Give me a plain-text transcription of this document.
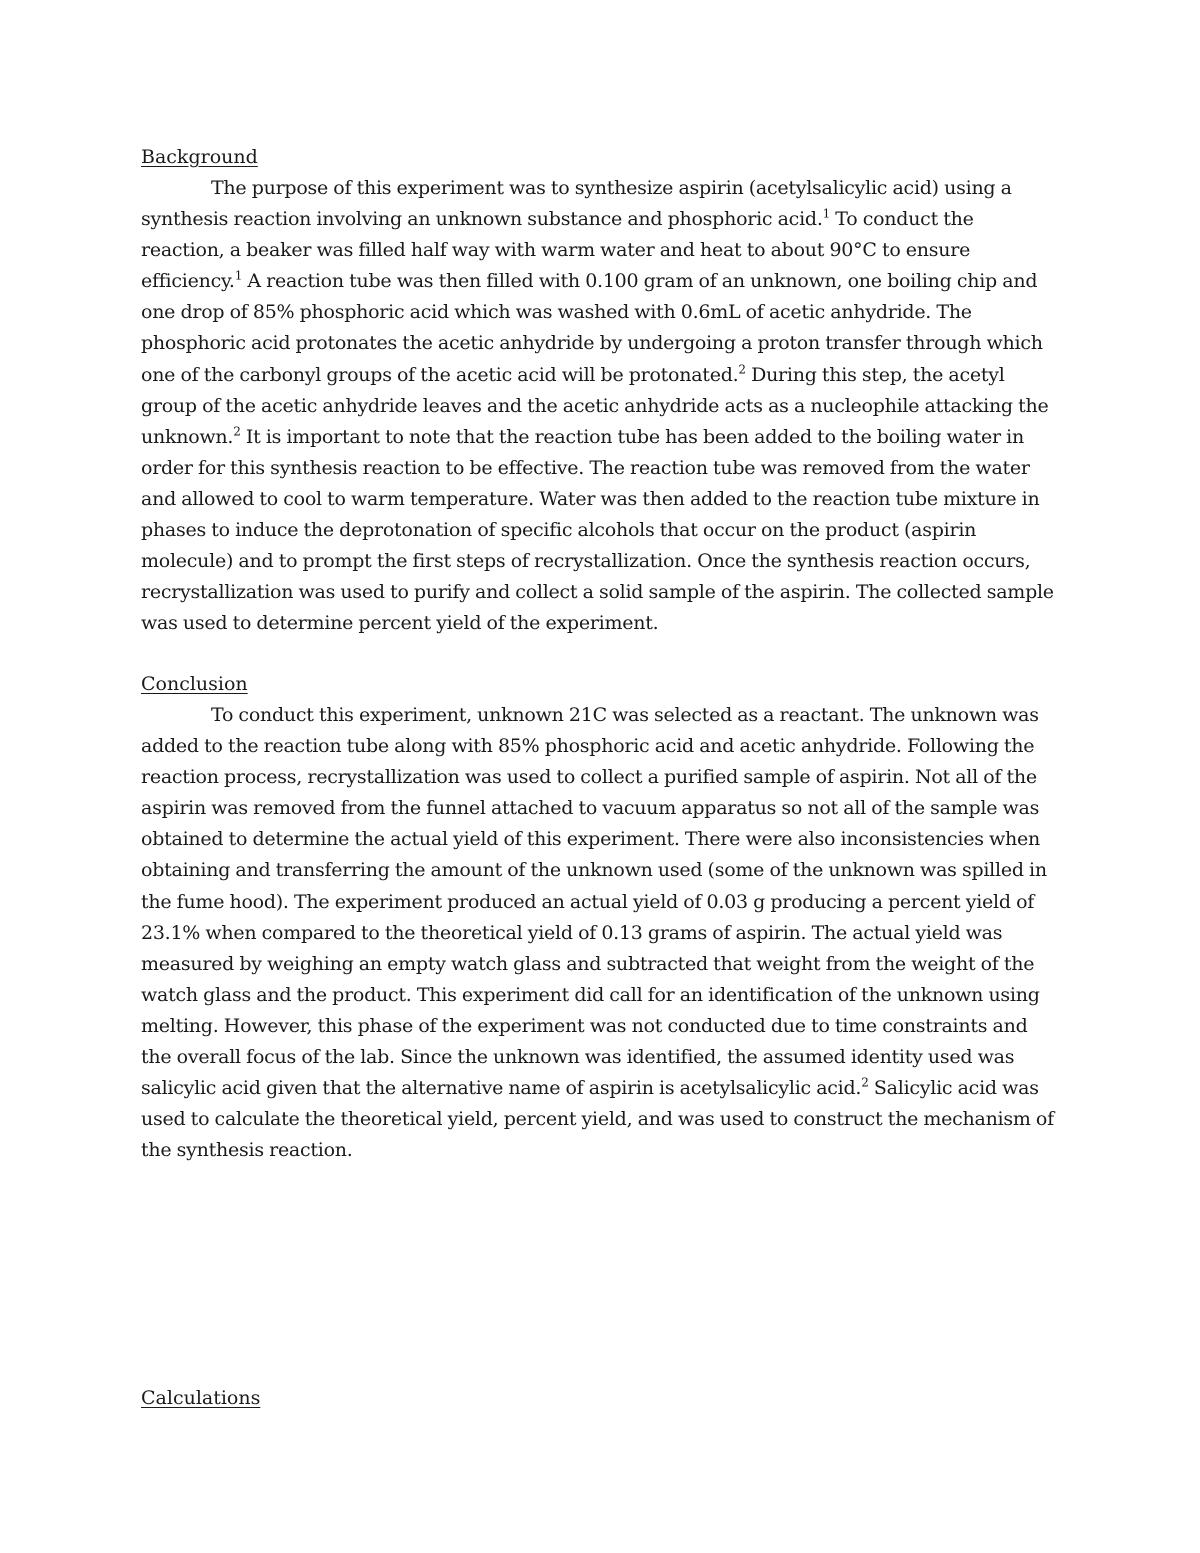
Background

The purpose of this experiment was to synthesize aspirin (acetylsalicylic acid) using a synthesis reaction involving an unknown substance and phosphoric acid.$^1$ To conduct the reaction, a beaker was filled half way with warm water and heat to about 90°C to ensure efficiency.$^1$ A reaction tube was then filled with 0.100 gram of an unknown, one boiling chip and one drop of 85% phosphoric acid which was washed with 0.6mL of acetic anhydride. The phosphoric acid protonates the acetic anhydride by undergoing a proton transfer through which one of the carbonyl groups of the acetic acid will be protonated.$^2$ During this step, the acetyl group of the acetic anhydride leaves and the acetic anhydride acts as a nucleophile attacking the unknown.$^2$ It is important to note that the reaction tube has been added to the boiling water in order for this synthesis reaction to be effective. The reaction tube was removed from the water and allowed to cool to warm temperature. Water was then added to the reaction tube mixture in phases to induce the deprotonation of specific alcohols that occur on the product (aspirin molecule) and to prompt the first steps of recrystallization. Once the synthesis reaction occurs, recrystallization was used to purify and collect a solid sample of the aspirin. The collected sample was used to determine percent yield of the experiment.

Conclusion

To conduct this experiment, unknown 21C was selected as a reactant. The unknown was added to the reaction tube along with 85% phosphoric acid and acetic anhydride. Following the reaction process, recrystallization was used to collect a purified sample of aspirin. Not all of the aspirin was removed from the funnel attached to vacuum apparatus so not all of the sample was obtained to determine the actual yield of this experiment. There were also inconsistencies when obtaining and transferring the amount of the unknown used (some of the unknown was spilled in the fume hood). The experiment produced an actual yield of 0.03 g producing a percent yield of 23.1% when compared to the theoretical yield of 0.13 grams of aspirin. The actual yield was measured by weighing an empty watch glass and subtracted that weight from the weight of the watch glass and the product. This experiment did call for an identification of the unknown using melting. However, this phase of the experiment was not conducted due to time constraints and the overall focus of the lab. Since the unknown was identified, the assumed identity used was salicylic acid given that the alternative name of aspirin is acetylsalicylic acid.$^2$ Salicylic acid was used to calculate the theoretical yield, percent yield, and was used to construct the mechanism of the synthesis reaction.

Calculations
